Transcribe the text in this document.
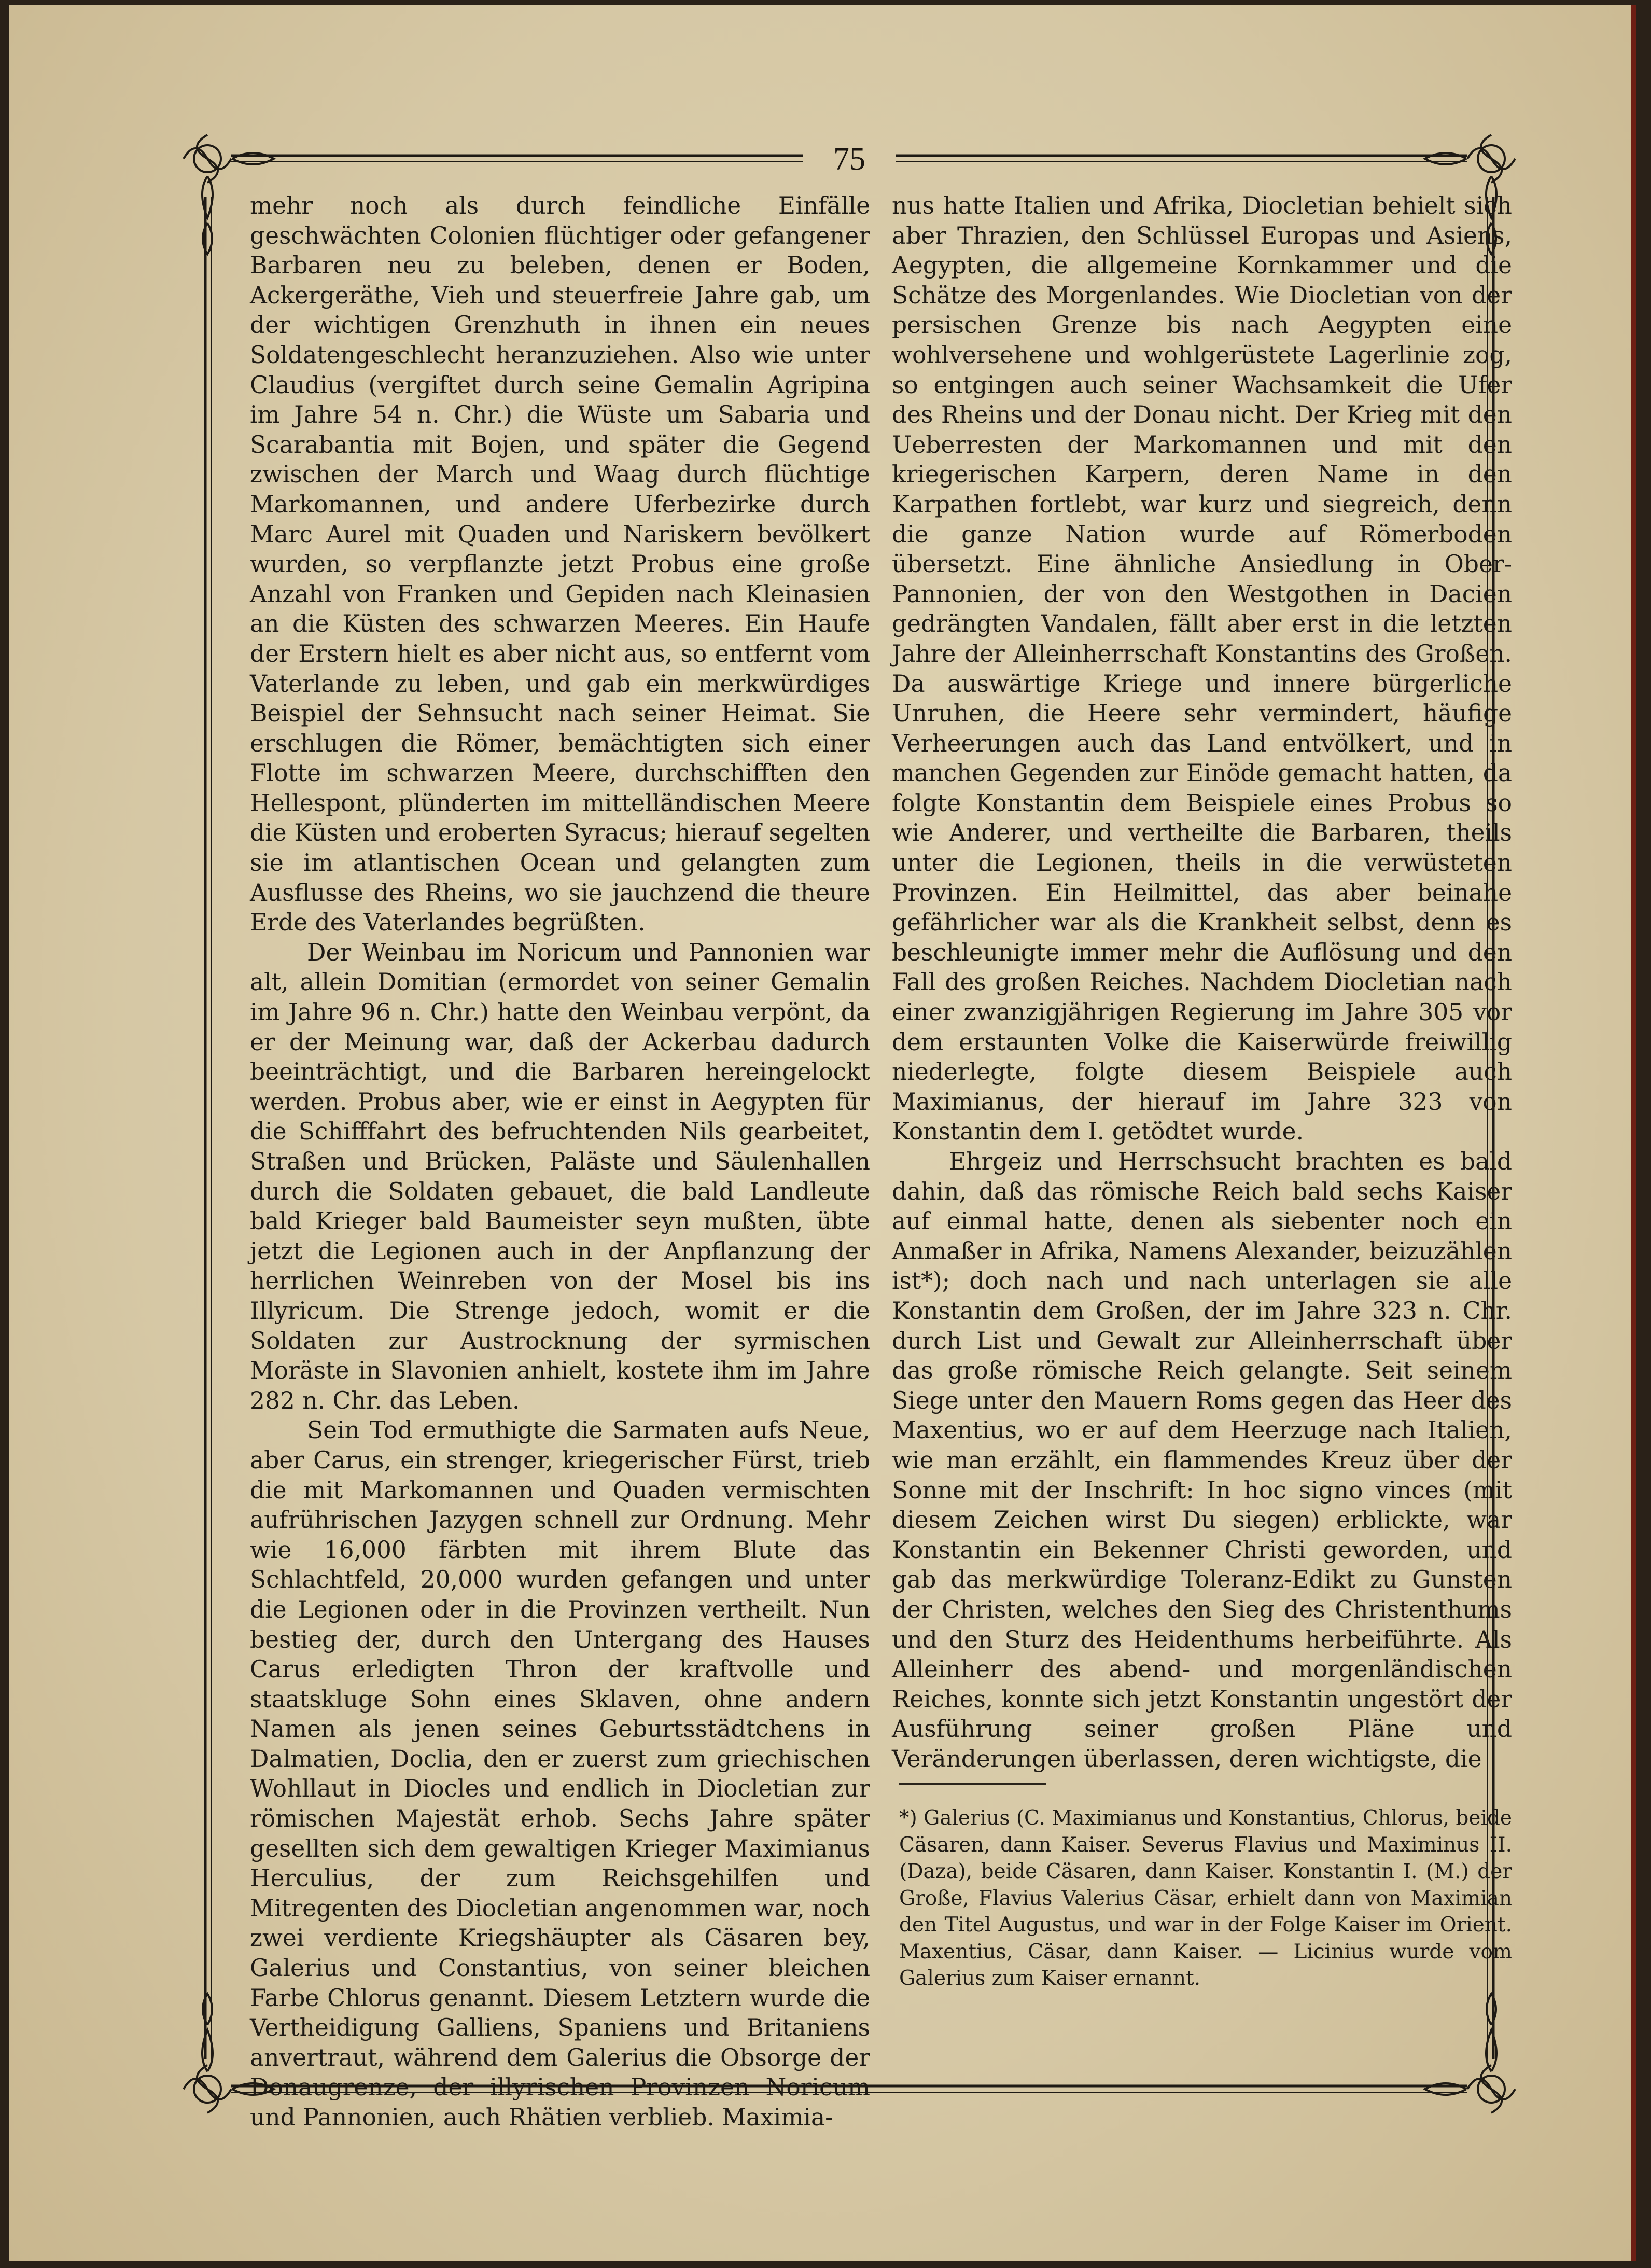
75

mehr noch als durch feindliche Einfälle geschwächten Colonien flüchtiger oder gefangener Barbaren neu zu beleben, denen er Boden, Ackergeräthe, Vieh und steuerfreie Jahre gab, um der wichtigen Grenzhuth in ihnen ein neues Soldatengeschlecht heranzuziehen. Also wie unter Claudius (vergiftet durch seine Gemalin Agripina im Jahre 54 n. Chr.) die Wüste um Sabaria und Scarabantia mit Bojen, und später die Gegend zwischen der March und Waag durch flüchtige Markomannen, und andere Uferbezirke durch Marc Aurel mit Quaden und Nariskern bevölkert wurden, so verpflanzte jetzt Probus eine große Anzahl von Franken und Gepiden nach Kleinasien an die Küsten des schwarzen Meeres. Ein Haufe der Erstern hielt es aber nicht aus, so entfernt vom Vaterlande zu leben, und gab ein merkwürdiges Beispiel der Sehnsucht nach seiner Heimat. Sie erschlugen die Römer, bemächtigten sich einer Flotte im schwarzen Meere, durchschifften den Hellespont, plünderten im mittelländischen Meere die Küsten und eroberten Syracus; hierauf segelten sie im atlantischen Ocean und gelangten zum Ausflusse des Rheins, wo sie jauchzend die theure Erde des Vaterlandes begrüßten.

Der Weinbau im Noricum und Pannonien war alt, allein Domitian (ermordet von seiner Gemalin im Jahre 96 n. Chr.) hatte den Weinbau verpönt, da er der Meinung war, daß der Ackerbau dadurch beeinträchtigt, und die Barbaren hereingelockt werden. Probus aber, wie er einst in Aegypten für die Schifffahrt des befruchtenden Nils gearbeitet, Straßen und Brücken, Paläste und Säulenhallen durch die Soldaten gebauet, die bald Landleute bald Krieger bald Baumeister seyn mußten, übte jetzt die Legionen auch in der Anpflanzung der herrlichen Weinreben von der Mosel bis ins Illyricum. Die Strenge jedoch, womit er die Soldaten zur Austrocknung der syrmischen Moräste in Slavonien anhielt, kostete ihm im Jahre 282 n. Chr. das Leben.

Sein Tod ermuthigte die Sarmaten aufs Neue, aber Carus, ein strenger, kriegerischer Fürst, trieb die mit Markomannen und Quaden vermischten aufrührischen Jazygen schnell zur Ordnung. Mehr wie 16,000 färbten mit ihrem Blute das Schlachtfeld, 20,000 wurden gefangen und unter die Legionen oder in die Provinzen vertheilt. Nun bestieg der, durch den Untergang des Hauses Carus erledigten Thron der kraftvolle und staatskluge Sohn eines Sklaven, ohne andern Namen als jenen seines Geburtsstädtchens in Dalmatien, Doclia, den er zuerst zum griechischen Wohllaut in Diocles und endlich in Diocletian zur römischen Majestät erhob. Sechs Jahre später gesellten sich dem gewaltigen Krieger Maximianus Herculius, der zum Reichsgehilfen und Mitregenten des Diocletian angenommen war, noch zwei verdiente Kriegshäupter als Cäsaren bey, Galerius und Constantius, von seiner bleichen Farbe Chlorus genannt. Diesem Letztern wurde die Vertheidigung Galliens, Spaniens und Britaniens anvertraut, während dem Galerius die Obsorge der Donaugrenze, der illyrischen Provinzen Noricum und Pannonien, auch Rhätien verblieb. Maximia-

nus hatte Italien und Afrika, Diocletian behielt sich aber Thrazien, den Schlüssel Europas und Asiens, Aegypten, die allgemeine Kornkammer und die Schätze des Morgenlandes. Wie Diocletian von der persischen Grenze bis nach Aegypten eine wohlversehene und wohlgerüstete Lagerlinie zog, so entgingen auch seiner Wachsamkeit die Ufer des Rheins und der Donau nicht. Der Krieg mit den Ueberresten der Markomannen und mit den kriegerischen Karpern, deren Name in den Karpathen fortlebt, war kurz und siegreich, denn die ganze Nation wurde auf Römerboden übersetzt. Eine ähnliche Ansiedlung in Ober-Pannonien, der von den Westgothen in Dacien gedrängten Vandalen, fällt aber erst in die letzten Jahre der Alleinherrschaft Konstantins des Großen. Da auswärtige Kriege und innere bürgerliche Unruhen, die Heere sehr vermindert, häufige Verheerungen auch das Land entvölkert, und in manchen Gegenden zur Einöde gemacht hatten, da folgte Konstantin dem Beispiele eines Probus so wie Anderer, und vertheilte die Barbaren, theils unter die Legionen, theils in die verwüsteten Provinzen. Ein Heilmittel, das aber beinahe gefährlicher war als die Krankheit selbst, denn es beschleunigte immer mehr die Auflösung und den Fall des großen Reiches. Nachdem Diocletian nach einer zwanzigjährigen Regierung im Jahre 305 vor dem erstaunten Volke die Kaiserwürde freiwillig niederlegte, folgte diesem Beispiele auch Maximianus, der hierauf im Jahre 323 von Konstantin dem I. getödtet wurde.

Ehrgeiz und Herrschsucht brachten es bald dahin, daß das römische Reich bald sechs Kaiser auf einmal hatte, denen als siebenter noch ein Anmaßer in Afrika, Namens Alexander, beizuzählen ist*); doch nach und nach unterlagen sie alle Konstantin dem Großen, der im Jahre 323 n. Chr. durch List und Gewalt zur Alleinherrschaft über das große römische Reich gelangte. Seit seinem Siege unter den Mauern Roms gegen das Heer des Maxentius, wo er auf dem Heerzuge nach Italien, wie man erzählt, ein flammendes Kreuz über der Sonne mit der Inschrift: In hoc signo vinces (mit diesem Zeichen wirst Du siegen) erblickte, war Konstantin ein Bekenner Christi geworden, und gab das merkwürdige Toleranz-Edikt zu Gunsten der Christen, welches den Sieg des Christenthums und den Sturz des Heidenthums herbeiführte. Als Alleinherr des abend- und morgenländischen Reiches, konnte sich jetzt Konstantin ungestört der Ausführung seiner großen Pläne und Veränderungen überlassen, deren wichtigste, die

*) Galerius (C. Maximianus und Konstantius, Chlorus, beide Cäsaren, dann Kaiser. Severus Flavius und Maximinus II. (Daza), beide Cäsaren, dann Kaiser. Konstantin I. (M.) der Große, Flavius Valerius Cäsar, erhielt dann von Maximian den Titel Augustus, und war in der Folge Kaiser im Orient. Maxentius, Cäsar, dann Kaiser. — Licinius wurde vom Galerius zum Kaiser ernannt.
